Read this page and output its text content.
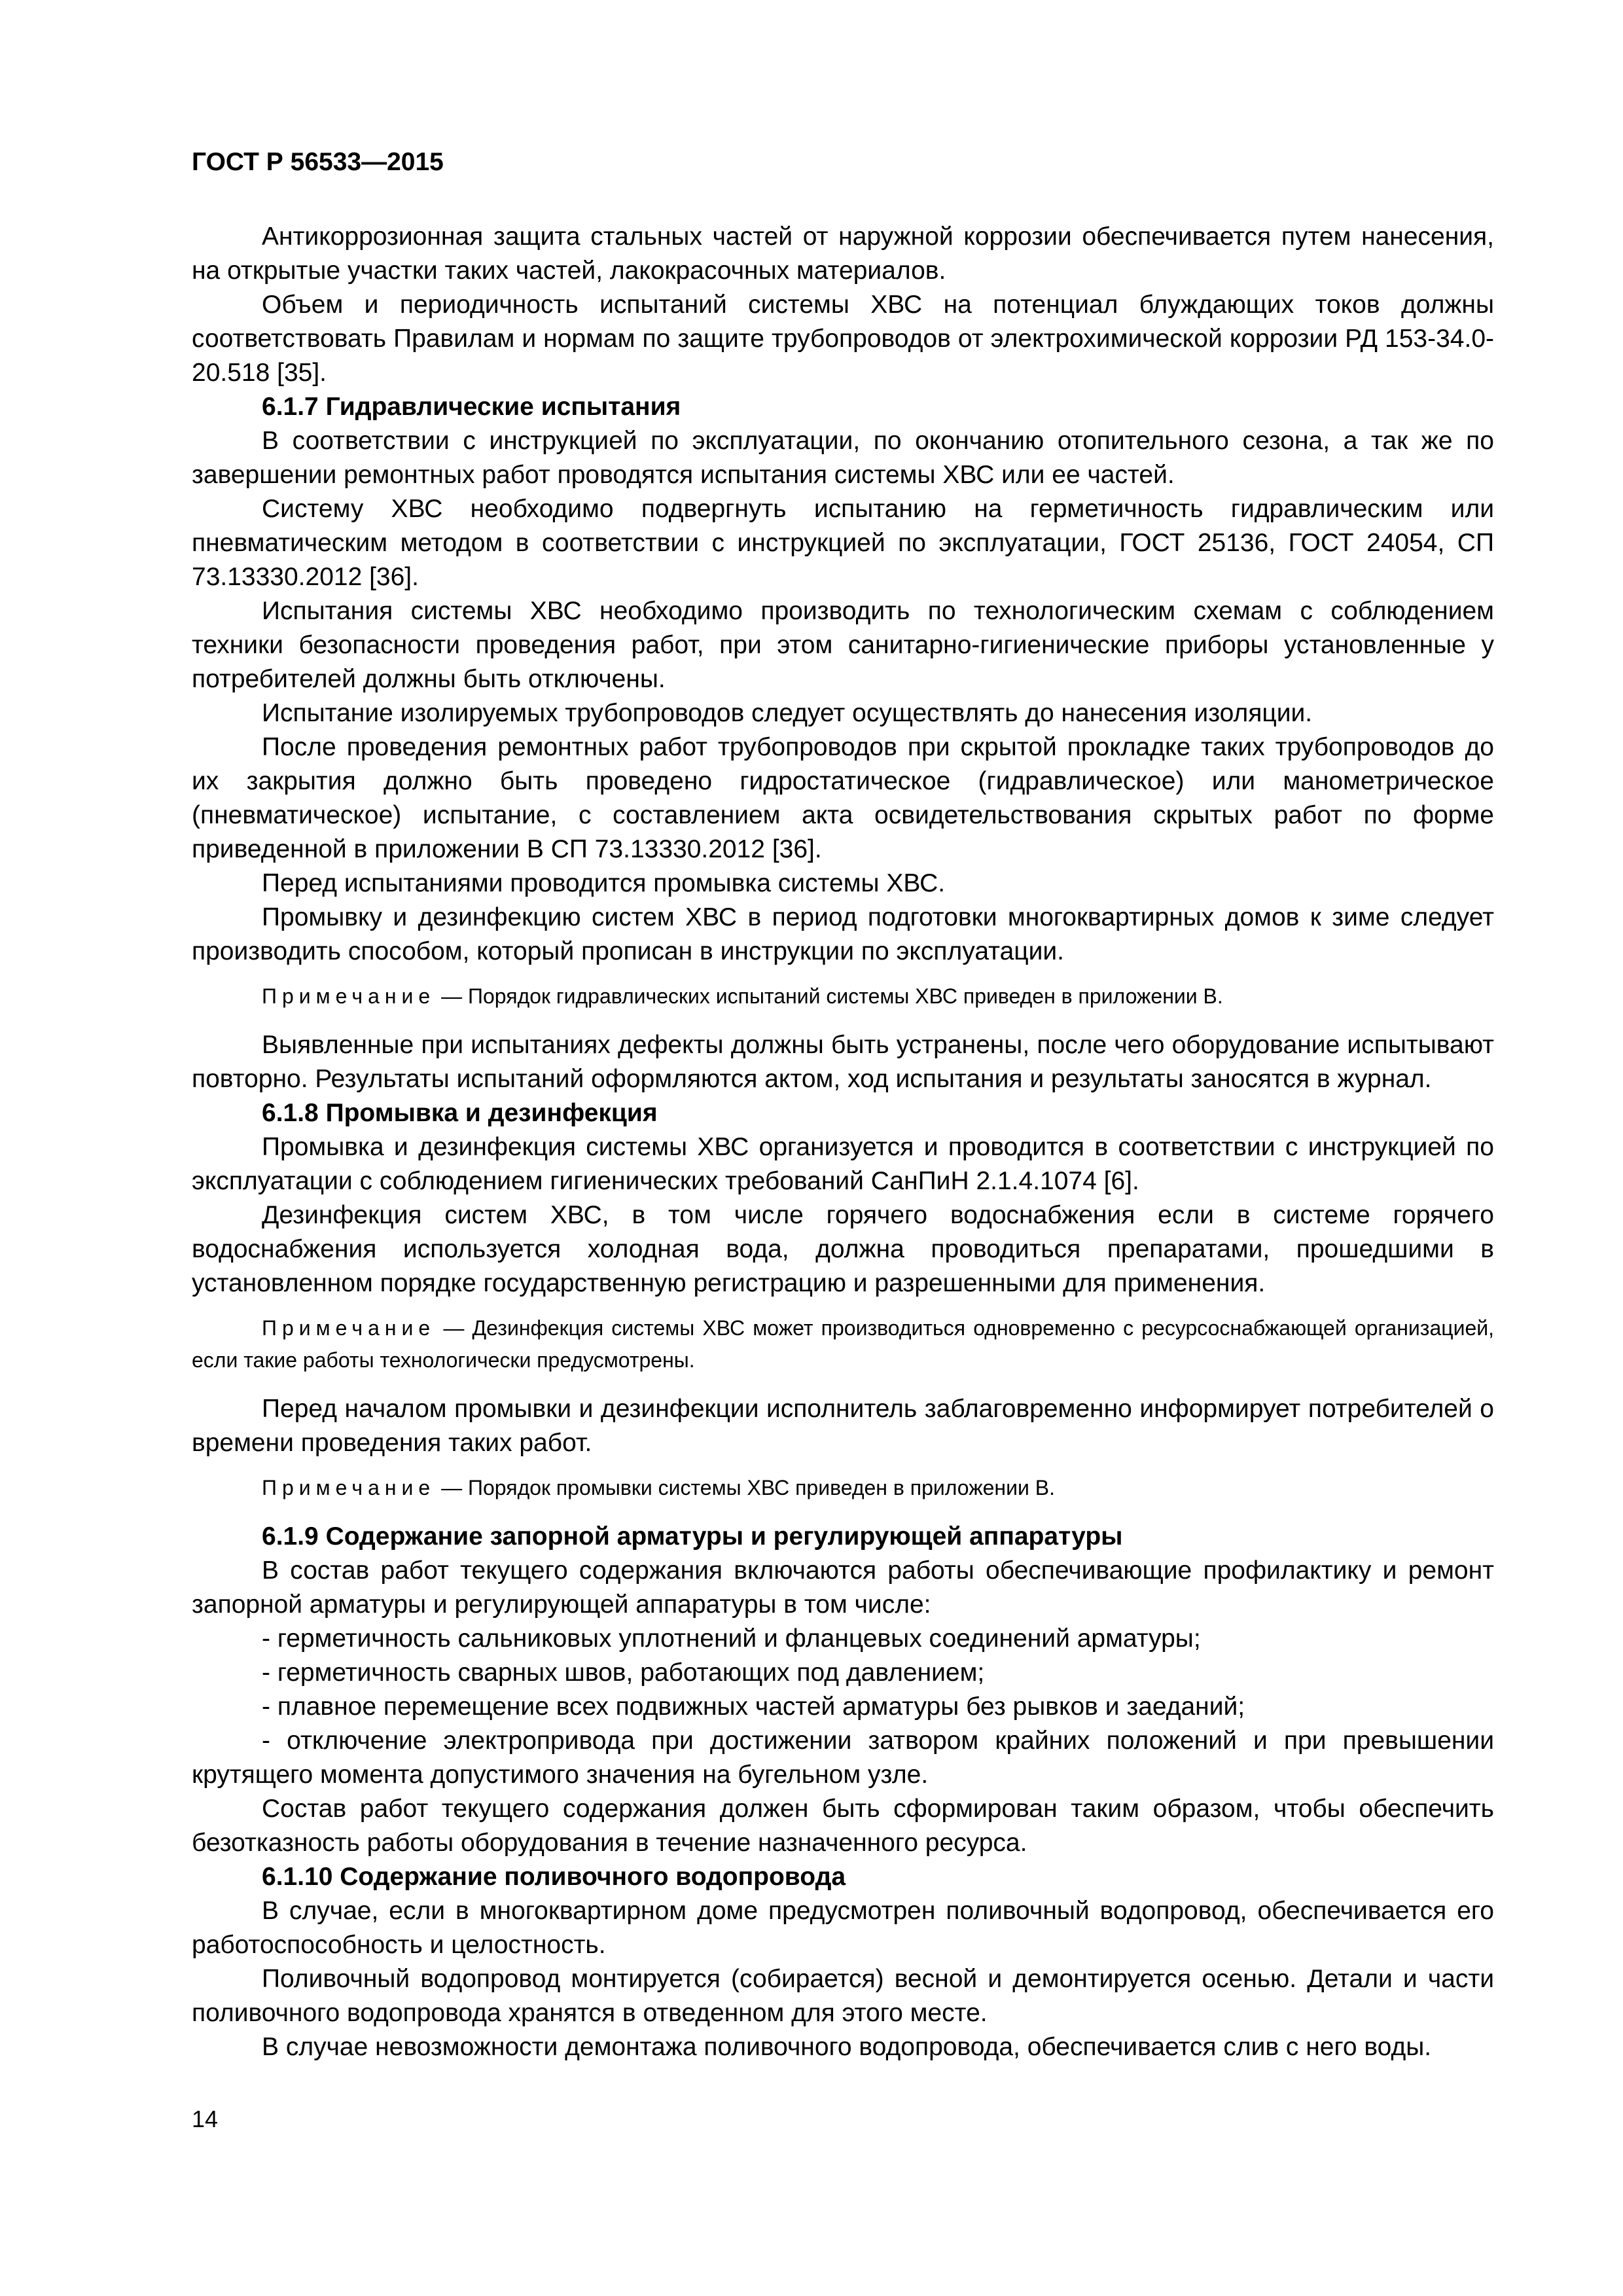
ГОСТ Р 56533—2015

Антикоррозионная защита стальных частей от наружной коррозии обеспечивается путем нанесения, на открытые участки таких частей, лакокрасочных материалов.

Объем и периодичность испытаний системы ХВС на потенциал блуждающих токов должны соответствовать Правилам и нормам по защите трубопроводов от электрохимической коррозии РД 153-34.0-20.518 [35].

6.1.7 Гидравлические испытания

В соответствии с инструкцией по эксплуатации, по окончанию отопительного сезона, а так же по завершении ремонтных работ проводятся испытания системы ХВС или ее частей.

Систему ХВС необходимо подвергнуть испытанию на герметичность гидравлическим или пневматическим методом в соответствии с инструкцией по эксплуатации, ГОСТ 25136, ГОСТ 24054, СП 73.13330.2012 [36].

Испытания системы ХВС необходимо производить по технологическим схемам с соблюдением техники безопасности проведения работ, при этом санитарно-гигиенические приборы установленные у потребителей должны быть отключены.

Испытание изолируемых трубопроводов следует осуществлять до нанесения изоляции.

После проведения ремонтных работ трубопроводов при скрытой прокладке таких трубопроводов до их закрытия должно быть проведено гидростатическое (гидравлическое) или манометрическое (пневматическое) испытание, с составлением акта освидетельствования скрытых работ по форме приведенной в приложении В СП 73.13330.2012 [36].

Перед испытаниями проводится промывка системы ХВС.

Промывку и дезинфекцию систем ХВС в период подготовки многоквартирных домов к зиме следует производить способом, который прописан в инструкции по эксплуатации.

Примечание — Порядок гидравлических испытаний системы ХВС приведен в приложении В.

Выявленные при испытаниях дефекты должны быть устранены, после чего оборудование испытывают повторно. Результаты испытаний оформляются актом, ход испытания и результаты заносятся в журнал.

6.1.8 Промывка и дезинфекция

Промывка и дезинфекция системы ХВС организуется и проводится в соответствии с инструкцией по эксплуатации с соблюдением гигиенических требований СанПиН 2.1.4.1074 [6].

Дезинфекция систем ХВС, в том числе горячего водоснабжения если в системе горячего водоснабжения используется холодная вода, должна проводиться препаратами, прошедшими в установленном порядке государственную регистрацию и разрешенными для применения.

Примечание — Дезинфекция системы ХВС может производиться одновременно с ресурсоснабжающей организацией, если такие работы технологически предусмотрены.

Перед началом промывки и дезинфекции исполнитель заблаговременно информирует потребителей о времени проведения таких работ.

Примечание — Порядок промывки системы ХВС приведен в приложении В.

6.1.9 Содержание запорной арматуры и регулирующей аппаратуры

В состав работ текущего содержания включаются работы обеспечивающие профилактику и ремонт запорной арматуры и регулирующей аппаратуры в том числе:

- герметичность сальниковых уплотнений и фланцевых соединений арматуры;

- герметичность сварных швов, работающих под давлением;

- плавное перемещение всех подвижных частей арматуры без рывков и заеданий;

- отключение электропривода при достижении затвором крайних положений и при превышении крутящего момента допустимого значения на бугельном узле.

Состав работ текущего содержания должен быть сформирован таким образом, чтобы обеспечить безотказность работы оборудования в течение назначенного ресурса.

6.1.10 Содержание поливочного водопровода

В случае, если в многоквартирном доме предусмотрен поливочный водопровод, обеспечивается его работоспособность и целостность.

Поливочный водопровод монтируется (собирается) весной и демонтируется осенью. Детали и части поливочного водопровода хранятся в отведенном для этого месте.

В случае невозможности демонтажа поливочного водопровода, обеспечивается слив с него воды.

14
